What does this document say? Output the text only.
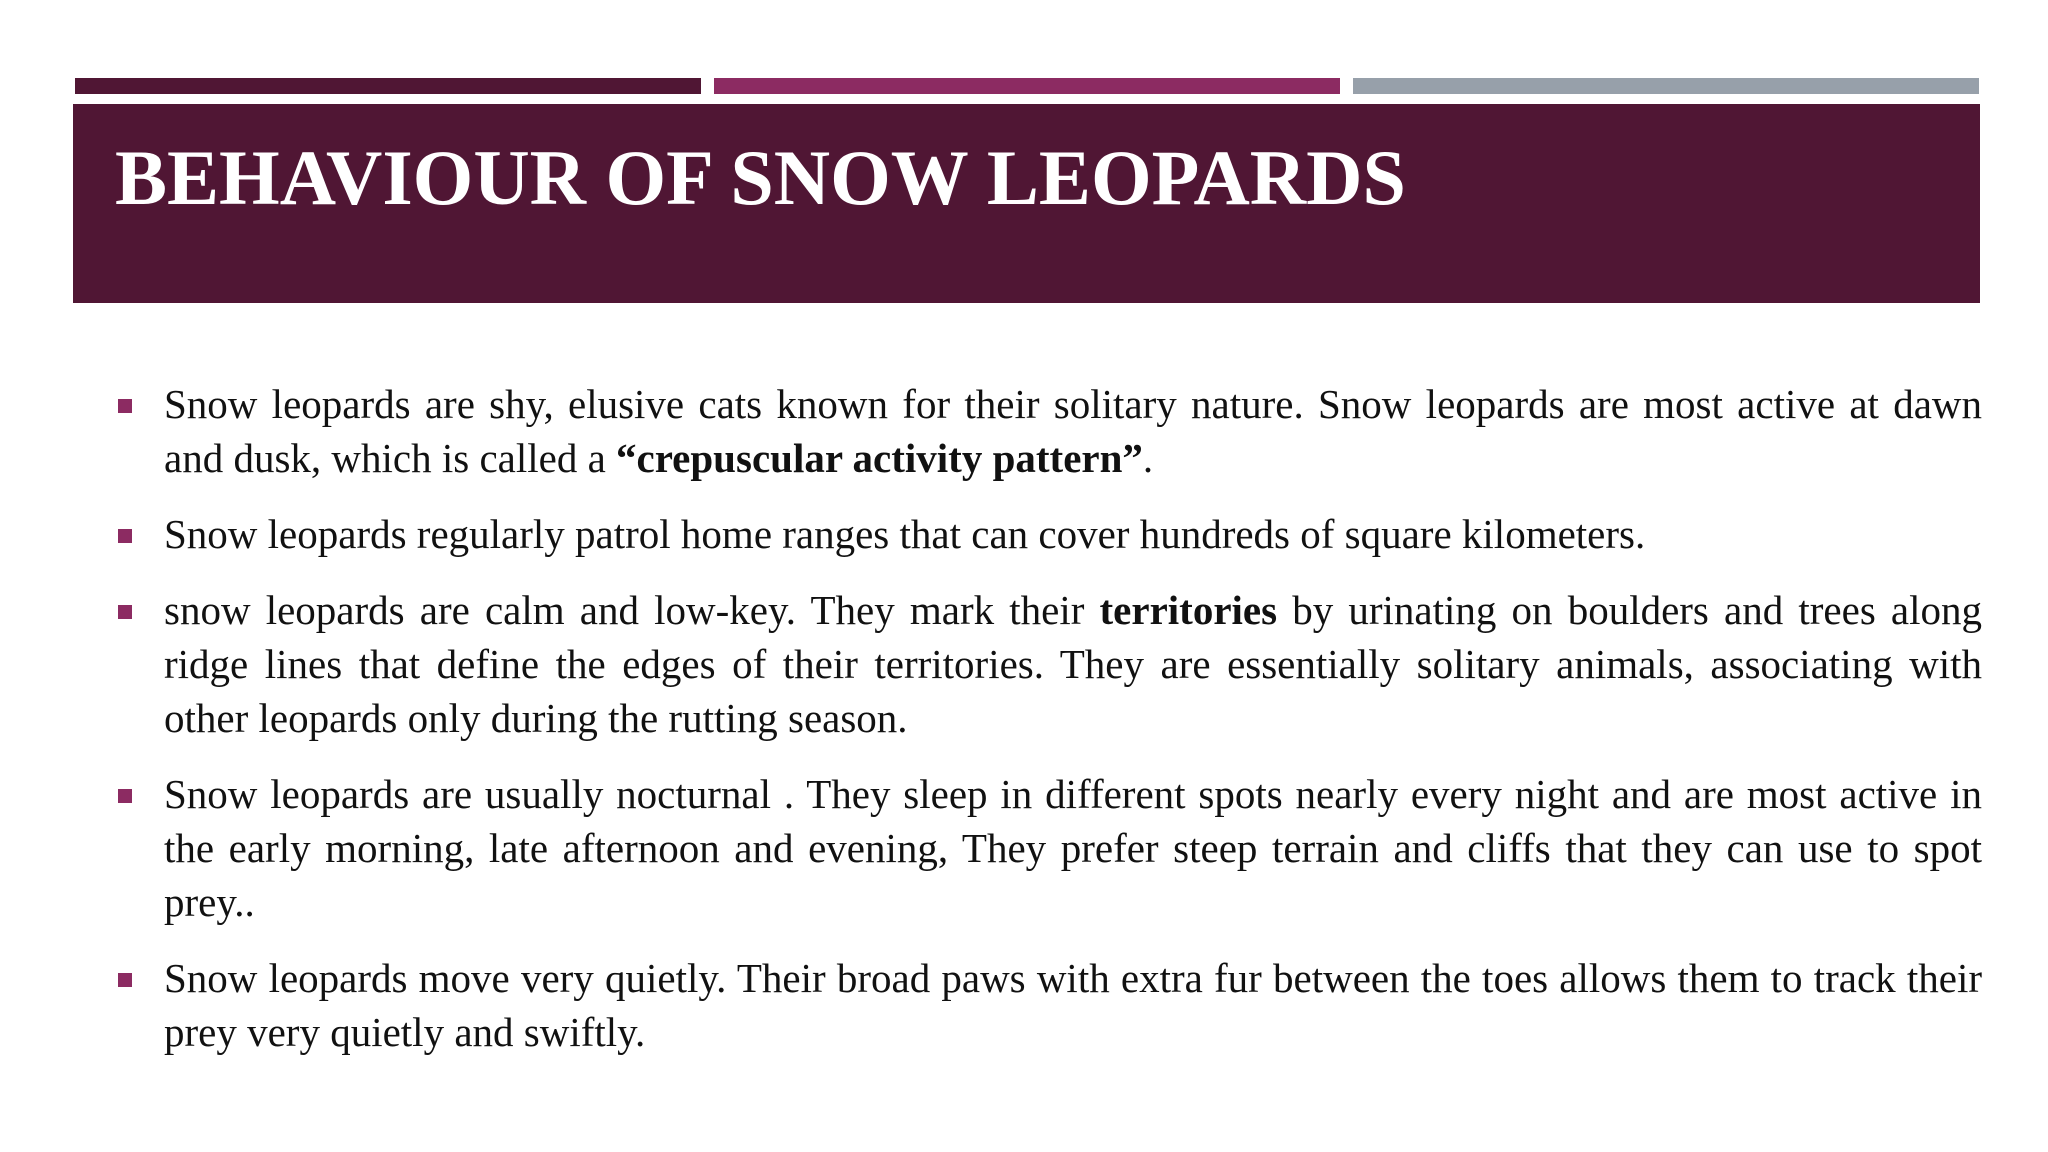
BEHAVIOUR OF SNOW LEOPARDS
Snow leopards are shy, elusive cats known for their solitary nature. Snow leopards are most active at dawn and dusk, which is called a “crepuscular activity pattern”.
Snow leopards regularly patrol home ranges that can cover hundreds of square kilometers.
snow leopards are calm and low-key. They mark their territories by urinating on boulders and trees along ridge lines that define the edges of their territories. They are essentially solitary animals, associating with other leopards only during the rutting season.
Snow leopards are usually nocturnal . They sleep in different spots nearly every night and are most active in the early morning, late afternoon and evening, They prefer steep terrain and cliffs that they can use to spot prey..
Snow leopards move very quietly. Their broad paws with extra fur between the toes allows them to track their prey very quietly and swiftly.
